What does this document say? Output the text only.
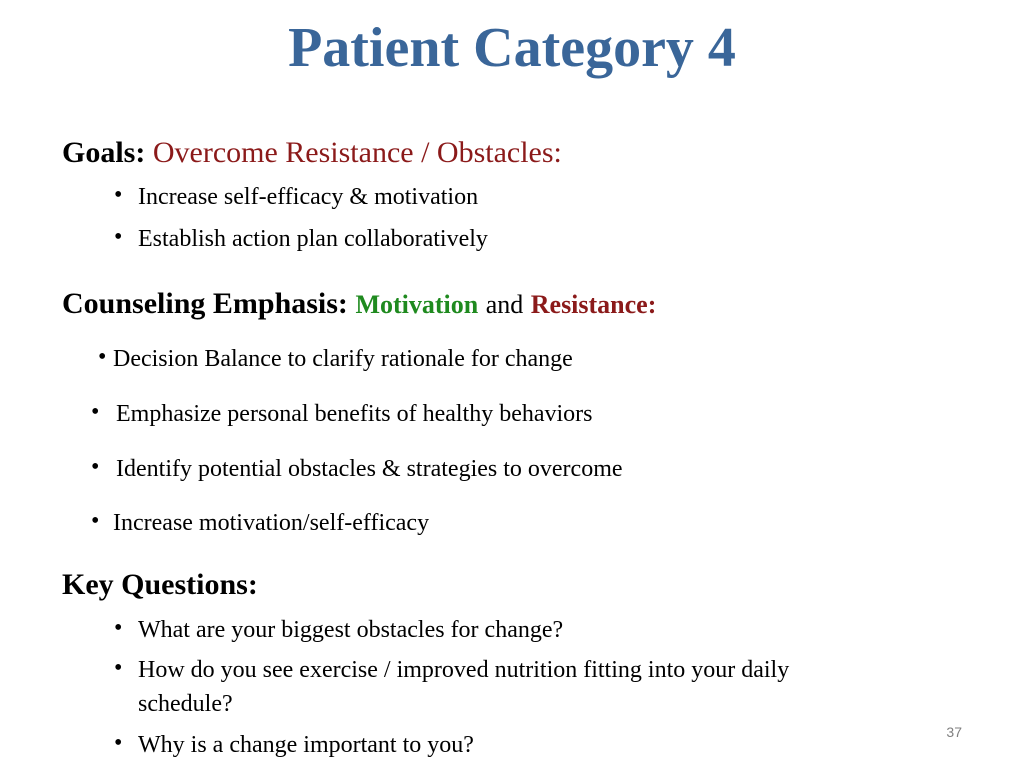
Patient Category 4
Goals: Overcome Resistance / Obstacles:
• Increase self-efficacy & motivation
• Establish action plan collaboratively
Counseling Emphasis: Motivation and Resistance:
• Decision Balance to clarify rationale for change
• Emphasize personal benefits of healthy behaviors
• Identify potential obstacles & strategies to overcome
• Increase motivation/self-efficacy
Key Questions:
• What are your biggest obstacles for change?
• How do you see exercise / improved nutrition fitting into your daily
schedule?
• Why is a change important to you?	37
